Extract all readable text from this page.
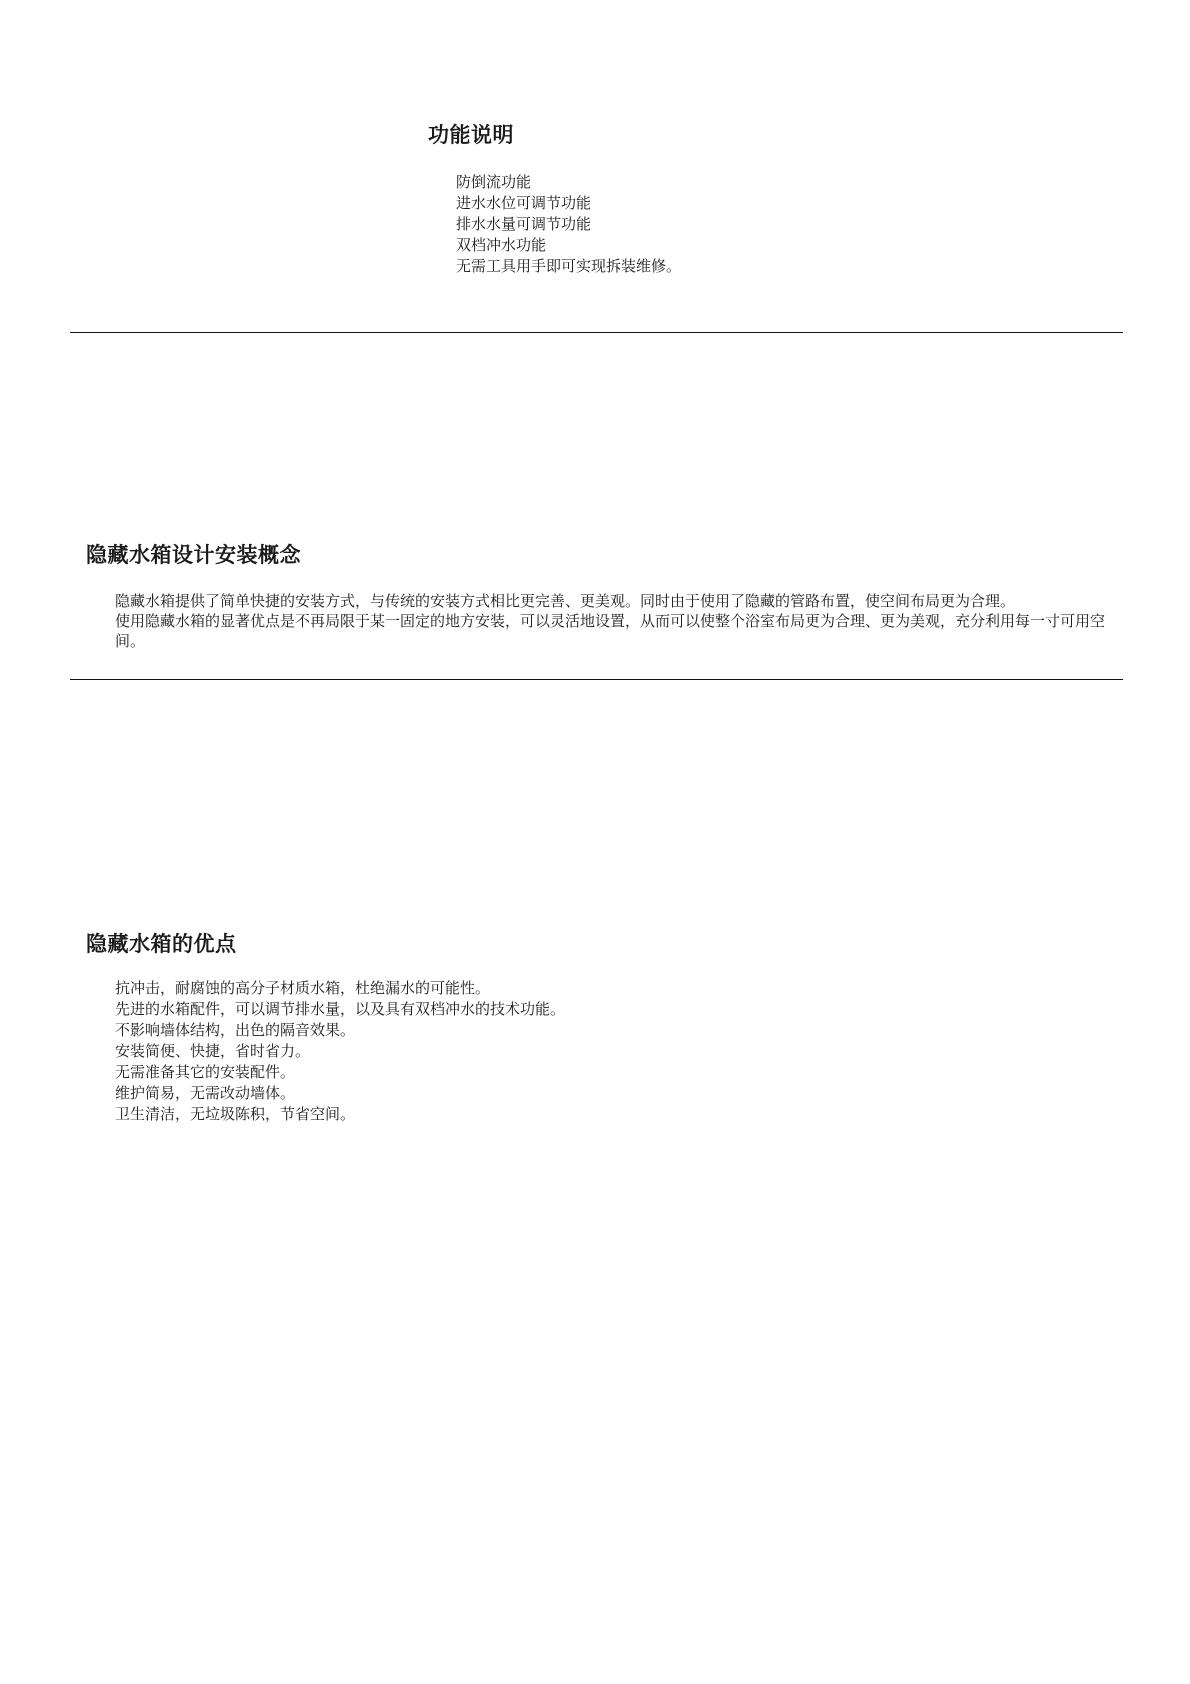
功能说明
防倒流功能
进水水位可调节功能
排水水量可调节功能
双档冲水功能
无需工具用手即可实现拆装维修。
隐藏水箱设计安装概念

隐藏水箱提供了简单快捷的安装方式，与传统的安装方式相比更完善、更美观。同时由于使用了隐藏的管路布置，使空间布局更为合理。

使用隐藏水箱的显著优点是不再局限于某一固定的地方安装，可以灵活地设置，从而可以使整个浴室布局更为合理、更为美观，充分利用每一寸可用空间。

隐藏水箱的优点
抗冲击，耐腐蚀的高分子材质水箱，杜绝漏水的可能性。
先进的水箱配件，可以调节排水量，以及具有双档冲水的技术功能。
不影响墙体结构，出色的隔音效果。
安装简便、快捷，省时省力。
无需准备其它的安装配件。
维护简易，无需改动墙体。
卫生清洁，无垃圾陈积，节省空间。
